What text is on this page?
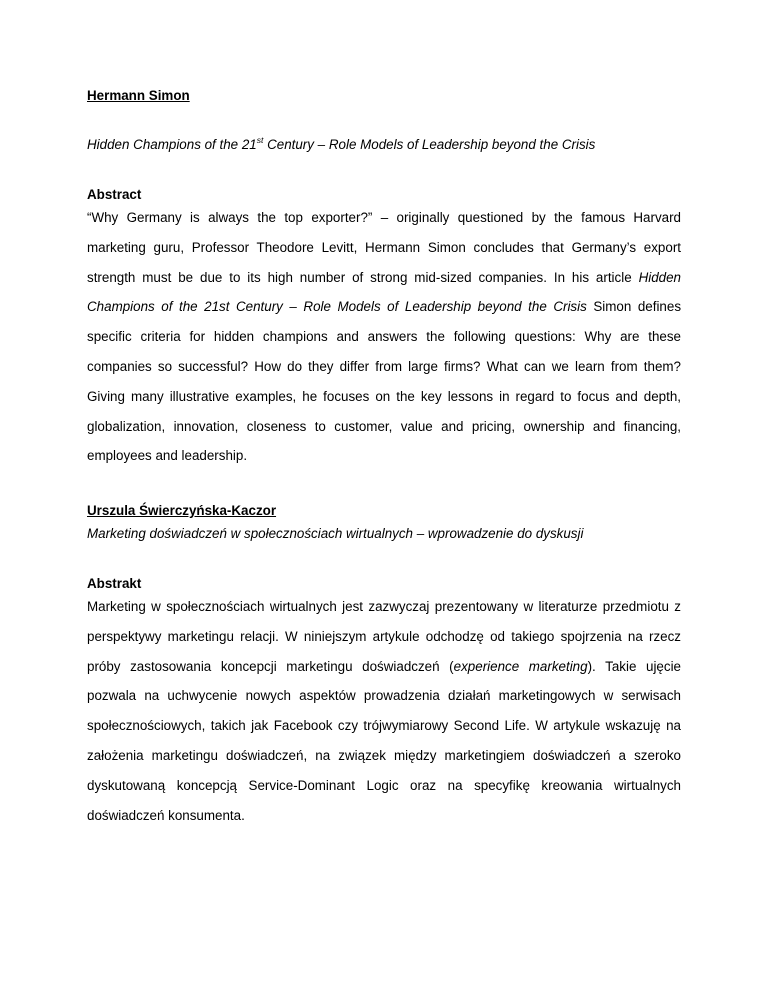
Hermann Simon

Hidden Champions of the 21st Century – Role Models of Leadership beyond the Crisis

Abstract

“Why Germany is always the top exporter?” – originally questioned by the famous Harvard marketing guru, Professor Theodore Levitt, Hermann Simon concludes that Germany’s export strength must be due to its high number of strong mid-sized companies. In his article Hidden Champions of the 21st Century – Role Models of Leadership beyond the Crisis Simon defines specific criteria for hidden champions and answers the following questions: Why are these companies so successful? How do they differ from large firms? What can we learn from them? Giving many illustrative examples, he focuses on the key lessons in regard to focus and depth, globalization, innovation, closeness to customer, value and pricing, ownership and financing, employees and leadership.

Urszula Świerczyńska-Kaczor

Marketing doświadczeń w społecznościach wirtualnych – wprowadzenie do dyskusji

Abstrakt

Marketing w społecznościach wirtualnych jest zazwyczaj prezentowany w literaturze przedmiotu z perspektywy marketingu relacji. W niniejszym artykule odchodzę od takiego spojrzenia na rzecz próby zastosowania koncepcji marketingu doświadczeń (experience marketing). Takie ujęcie pozwala na uchwycenie nowych aspektów prowadzenia działań marketingowych w serwisach społecznościowych, takich jak Facebook czy trójwymiarowy Second Life. W artykule wskazuję na założenia marketingu doświadczeń, na związek między marketingiem doświadczeń a szeroko dyskutowaną koncepcją Service-Dominant Logic oraz na specyfikę kreowania wirtualnych doświadczeń konsumenta.
